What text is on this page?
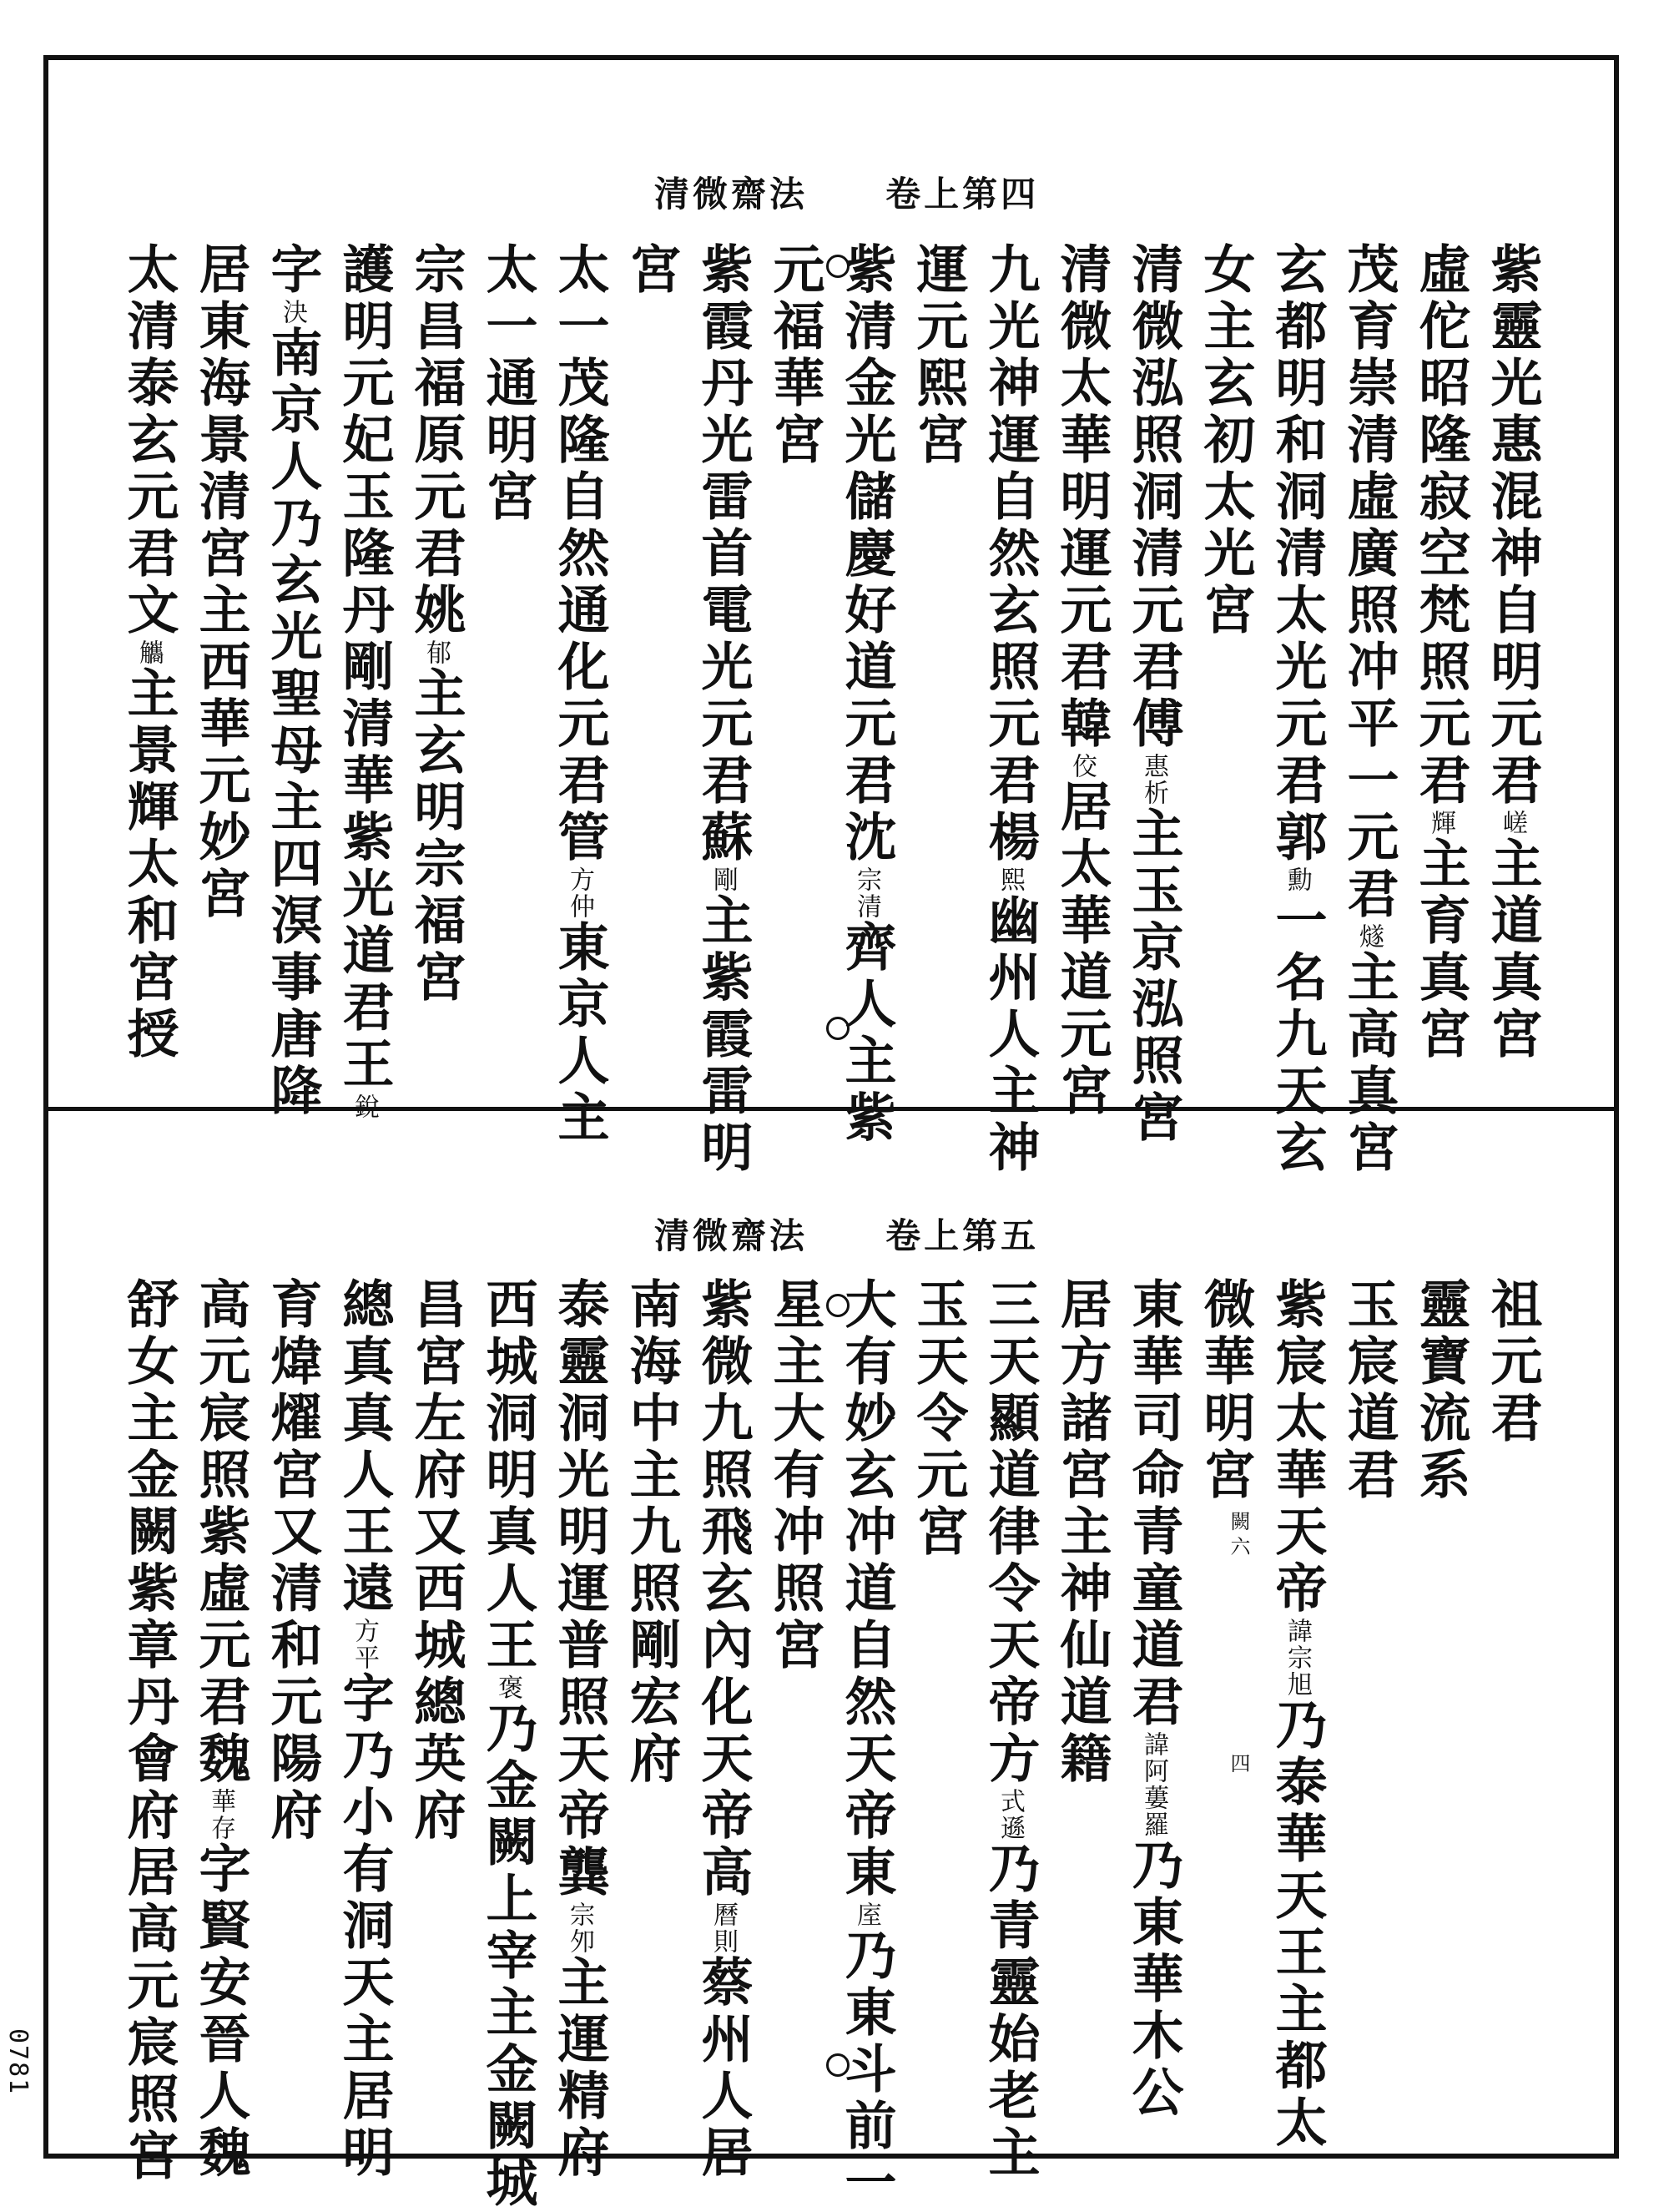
清微齋法 卷上第四
清微齋法 卷上第五
紫靈光惠混神自明元君嵯主道真宮
虛佗昭隆寂空梵照元君輝主育真宮
茂育崇清虛廣照冲平一元君燧主高真宮
玄都明和洞清太光元君郭勳一名九天玄
女主玄初太光宮
清微泓照洞清元君傅惠析主玉京泓照宮
清微太華明運元君韓佼居太華道元宮
九光神運自然玄照元君楊熙幽州人主神
運元熙宮
紫清金光儲慶好道元君沈宗清齊人主紫
元福華宮
紫霞丹光雷首電光元君蘇剛主紫霞雷明
宮
太一茂隆自然通化元君管方仲東京人主
太一通明宮
宗昌福原元君姚郁主玄明宗福宮
護明元妃玉隆丹剛清華紫光道君王銳
字決南京人乃玄光聖母主四溟事唐降
居東海景清宮主西華元妙宮
太清泰玄元君文觿主景輝太和宮授
祖元君
靈寶流系
玉宸道君
紫宸太華天帝諱宗旭乃泰華天王主都太
微華明宮
東華司命青童道君諱阿蔞羅乃東華木公
居方諸宮主神仙道籍
三天顯道律令天帝方式遜乃青靈始老主
玉天令元宮
大有妙玄冲道自然天帝東庢乃東斗前一
星主大有冲照宮
紫微九照飛玄內化天帝高曆則蔡州人居
南海中主九照剛宏府
泰靈洞光明運普照天帝龔宗夘主運精府
西城洞明真人王褒乃金闕上宰主金闕城
昌宮左府又西城總英府
總真真人王遠方平字乃小有洞天主居明
育煒燿宮又清和元陽府
高元宸照紫虛元君魏華存字賢安晉人魏
舒女主金闕紫章丹會府居高元宸照宮	闕六
四
0781
